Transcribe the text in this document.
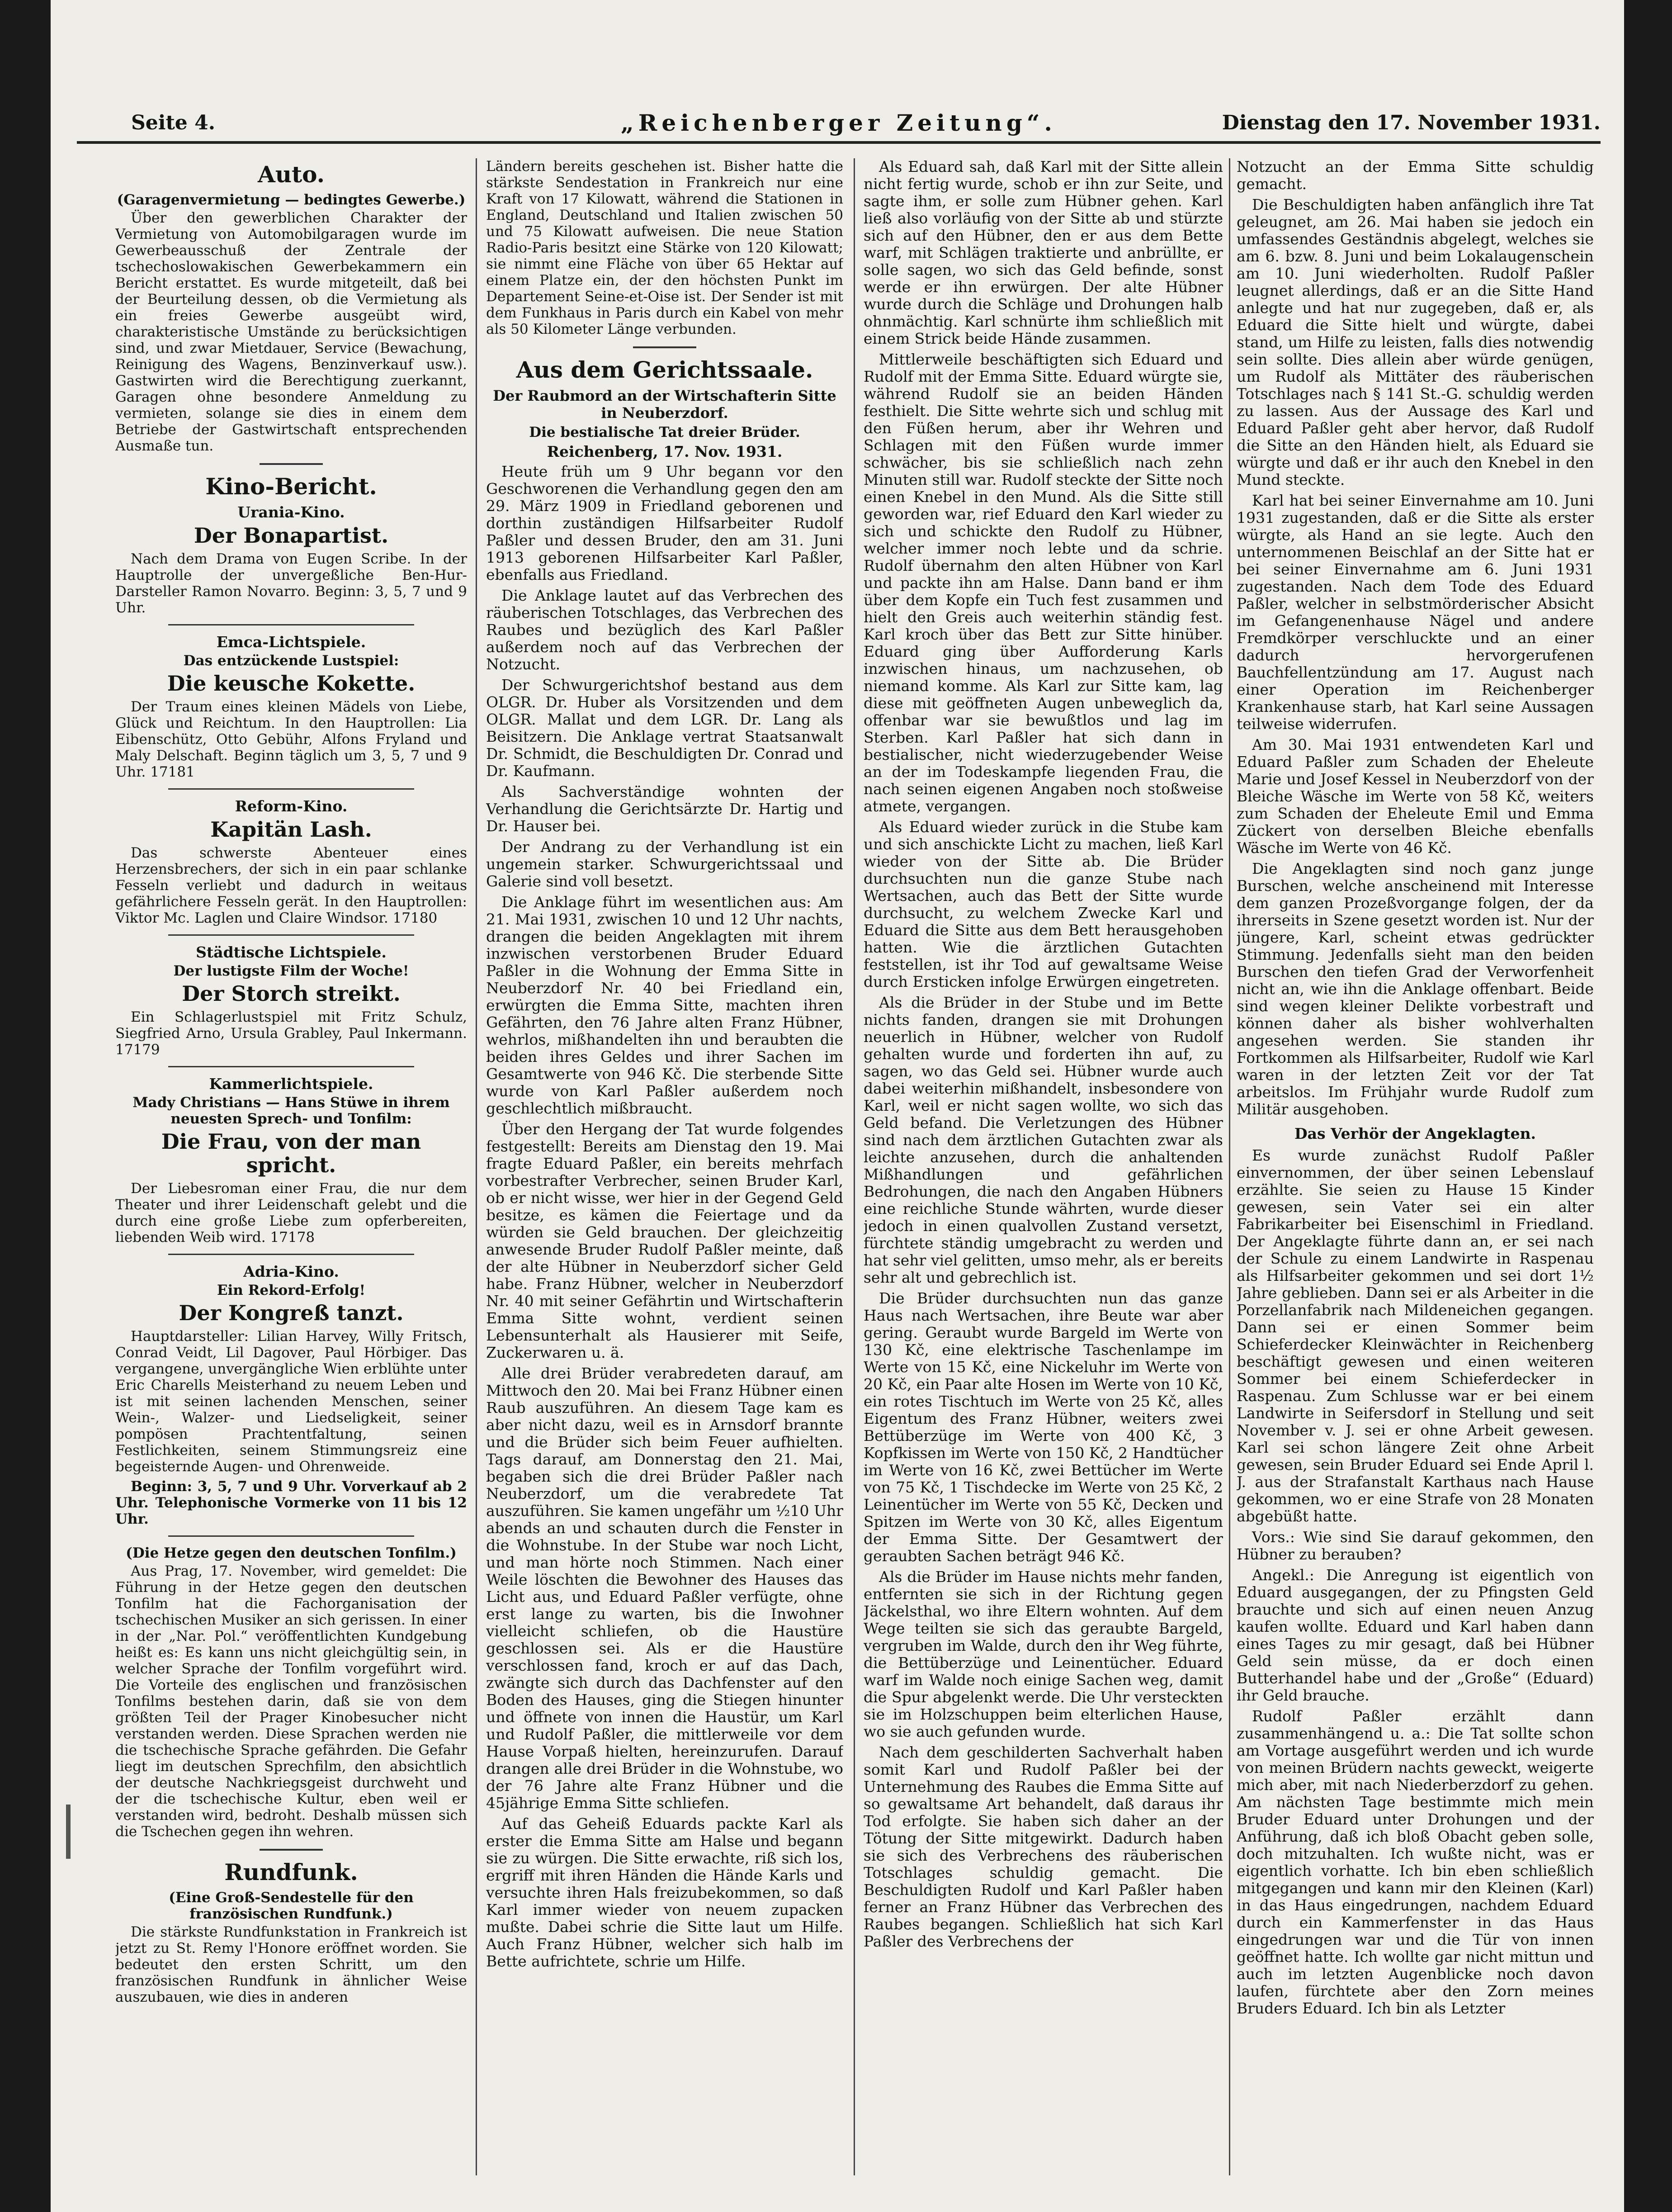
Seite 4.	„Reichenberger Zeitung“.	Dienstag den 17. November 1931.
Auto.
(Garagenvermietung — bedingtes Gewerbe.)

Über den gewerblichen Charakter der Vermietung von Automobilgaragen wurde im Gewerbeausschuß der Zentrale der tschechoslowakischen Gewerbekammern ein Bericht erstattet. Es wurde mitgeteilt, daß bei der Beurteilung dessen, ob die Vermietung als ein freies Gewerbe ausgeübt wird, charakteristische Umstände zu berücksichtigen sind, und zwar Mietdauer, Service (Bewachung, Reinigung des Wagens, Benzinverkauf usw.). Gastwirten wird die Berechtigung zuerkannt, Garagen ohne besondere Anmeldung zu vermieten, solange sie dies in einem dem Betriebe der Gastwirtschaft entsprechenden Ausmaße tun.

Kino-Bericht.
Urania-Kino.
Der Bonapartist.

Nach dem Drama von Eugen Scribe. In der Hauptrolle der unvergeßliche Ben-Hur-Darsteller Ramon Novarro. Beginn: 3, 5, 7 und 9 Uhr.

Emca-Lichtspiele.
Das entzückende Lustspiel:
Die keusche Kokette.

Der Traum eines kleinen Mädels von Liebe, Glück und Reichtum. In den Hauptrollen: Lia Eibenschütz, Otto Gebühr, Alfons Fryland und Maly Delschaft. Beginn täglich um 3, 5, 7 und 9 Uhr. 17181

Reform-Kino.
Kapitän Lash.

Das schwerste Abenteuer eines Herzensbrechers, der sich in ein paar schlanke Fesseln verliebt und dadurch in weitaus gefährlichere Fesseln gerät. In den Hauptrollen: Viktor Mc. Laglen und Claire Windsor. 17180

Städtische Lichtspiele.
Der lustigste Film der Woche!
Der Storch streikt.

Ein Schlagerlustspiel mit Fritz Schulz, Siegfried Arno, Ursula Grabley, Paul Inkermann. 17179

Kammerlichtspiele.
Mady Christians — Hans Stüwe in ihrem neuesten Sprech- und Tonfilm:
Die Frau, von der man spricht.

Der Liebesroman einer Frau, die nur dem Theater und ihrer Leidenschaft gelebt und die durch eine große Liebe zum opferbereiten, liebenden Weib wird. 17178

Adria-Kino.
Ein Rekord-Erfolg!
Der Kongreß tanzt.

Hauptdarsteller: Lilian Harvey, Willy Fritsch, Conrad Veidt, Lil Dagover, Paul Hörbiger. Das vergangene, unvergängliche Wien erblühte unter Eric Charells Meisterhand zu neuem Leben und ist mit seinen lachenden Menschen, seiner Wein-, Walzer- und Liedseligkeit, seiner pompösen Prachtentfaltung, seinen Festlichkeiten, seinem Stimmungsreiz eine begeisternde Augen- und Ohrenweide.

Beginn: 3, 5, 7 und 9 Uhr. Vorverkauf ab 2 Uhr. Telephonische Vormerke von 11 bis 12 Uhr.

(Die Hetze gegen den deutschen Tonfilm.)

Aus Prag, 17. November, wird gemeldet: Die Führung in der Hetze gegen den deutschen Tonfilm hat die Fachorganisation der tschechischen Musiker an sich gerissen. In einer in der „Nar. Pol.“ veröffentlichten Kundgebung heißt es: Es kann uns nicht gleichgültig sein, in welcher Sprache der Tonfilm vorgeführt wird. Die Vorteile des englischen und französischen Tonfilms bestehen darin, daß sie von dem größten Teil der Prager Kinobesucher nicht verstanden werden. Diese Sprachen werden nie die tschechische Sprache gefährden. Die Gefahr liegt im deutschen Sprechfilm, den absichtlich der deutsche Nachkriegsgeist durchweht und der die tschechische Kultur, eben weil er verstanden wird, bedroht. Deshalb müssen sich die Tschechen gegen ihn wehren.

Rundfunk.
(Eine Groß-Sendestelle für den französischen Rundfunk.)

Die stärkste Rundfunkstation in Frankreich ist jetzt zu St. Remy l'Honore eröffnet worden. Sie bedeutet den ersten Schritt, um den französischen Rundfunk in ähnlicher Weise auszubauen, wie dies in anderen

Ländern bereits geschehen ist. Bisher hatte die stärkste Sendestation in Frankreich nur eine Kraft von 17 Kilowatt, während die Stationen in England, Deutschland und Italien zwischen 50 und 75 Kilowatt aufweisen. Die neue Station Radio-Paris besitzt eine Stärke von 120 Kilowatt; sie nimmt eine Fläche von über 65 Hektar auf einem Platze ein, der den höchsten Punkt im Departement Seine-et-Oise ist. Der Sender ist mit dem Funkhaus in Paris durch ein Kabel von mehr als 50 Kilometer Länge verbunden.

Aus dem Gerichtssaale.
Der Raubmord an der Wirtschafterin Sitte in Neuberzdorf.
Die bestialische Tat dreier Brüder.
Reichenberg, 17. Nov. 1931.

Heute früh um 9 Uhr begann vor den Geschworenen die Verhandlung gegen den am 29. März 1909 in Friedland geborenen und dorthin zuständigen Hilfsarbeiter Rudolf Paßler und dessen Bruder, den am 31. Juni 1913 geborenen Hilfsarbeiter Karl Paßler, ebenfalls aus Friedland.

Die Anklage lautet auf das Verbrechen des räuberischen Totschlages, das Verbrechen des Raubes und bezüglich des Karl Paßler außerdem noch auf das Verbrechen der Notzucht.

Der Schwurgerichtshof bestand aus dem OLGR. Dr. Huber als Vorsitzenden und dem OLGR. Mallat und dem LGR. Dr. Lang als Beisitzern. Die Anklage vertrat Staatsanwalt Dr. Schmidt, die Beschuldigten Dr. Conrad und Dr. Kaufmann.

Als Sachverständige wohnten der Verhandlung die Gerichtsärzte Dr. Hartig und Dr. Hauser bei.

Der Andrang zu der Verhandlung ist ein ungemein starker. Schwurgerichtssaal und Galerie sind voll besetzt.

Die Anklage führt im wesentlichen aus: Am 21. Mai 1931, zwischen 10 und 12 Uhr nachts, drangen die beiden Angeklagten mit ihrem inzwischen verstorbenen Bruder Eduard Paßler in die Wohnung der Emma Sitte in Neuberzdorf Nr. 40 bei Friedland ein, erwürgten die Emma Sitte, machten ihren Gefährten, den 76 Jahre alten Franz Hübner, wehrlos, mißhandelten ihn und beraubten die beiden ihres Geldes und ihrer Sachen im Gesamtwerte von 946 Kč. Die sterbende Sitte wurde von Karl Paßler außerdem noch geschlechtlich mißbraucht.

Über den Hergang der Tat wurde folgendes festgestellt: Bereits am Dienstag den 19. Mai fragte Eduard Paßler, ein bereits mehrfach vorbestrafter Verbrecher, seinen Bruder Karl, ob er nicht wisse, wer hier in der Gegend Geld besitze, es kämen die Feiertage und da würden sie Geld brauchen. Der gleichzeitig anwesende Bruder Rudolf Paßler meinte, daß der alte Hübner in Neuberzdorf sicher Geld habe. Franz Hübner, welcher in Neuberzdorf Nr. 40 mit seiner Gefährtin und Wirtschafterin Emma Sitte wohnt, verdient seinen Lebensunterhalt als Hausierer mit Seife, Zuckerwaren u. ä.

Alle drei Brüder verabredeten darauf, am Mittwoch den 20. Mai bei Franz Hübner einen Raub auszuführen. An diesem Tage kam es aber nicht dazu, weil es in Arnsdorf brannte und die Brüder sich beim Feuer aufhielten. Tags darauf, am Donnerstag den 21. Mai, begaben sich die drei Brüder Paßler nach Neuberzdorf, um die verabredete Tat auszuführen. Sie kamen ungefähr um ½10 Uhr abends an und schauten durch die Fenster in die Wohnstube. In der Stube war noch Licht, und man hörte noch Stimmen. Nach einer Weile löschten die Bewohner des Hauses das Licht aus, und Eduard Paßler verfügte, ohne erst lange zu warten, bis die Inwohner vielleicht schliefen, ob die Haustüre geschlossen sei. Als er die Haustüre verschlossen fand, kroch er auf das Dach, zwängte sich durch das Dachfenster auf den Boden des Hauses, ging die Stiegen hinunter und öffnete von innen die Haustür, um Karl und Rudolf Paßler, die mittlerweile vor dem Hause Vorpaß hielten, hereinzurufen. Darauf drangen alle drei Brüder in die Wohnstube, wo der 76 Jahre alte Franz Hübner und die 45jährige Emma Sitte schliefen.

Auf das Geheiß Eduards packte Karl als erster die Emma Sitte am Halse und begann sie zu würgen. Die Sitte erwachte, riß sich los, ergriff mit ihren Händen die Hände Karls und versuchte ihren Hals freizubekommen, so daß Karl immer wieder von neuem zupacken mußte. Dabei schrie die Sitte laut um Hilfe. Auch Franz Hübner, welcher sich halb im Bette aufrichtete, schrie um Hilfe.

Als Eduard sah, daß Karl mit der Sitte allein nicht fertig wurde, schob er ihn zur Seite, und sagte ihm, er solle zum Hübner gehen. Karl ließ also vorläufig von der Sitte ab und stürzte sich auf den Hübner, den er aus dem Bette warf, mit Schlägen traktierte und anbrüllte, er solle sagen, wo sich das Geld befinde, sonst werde er ihn erwürgen. Der alte Hübner wurde durch die Schläge und Drohungen halb ohnmächtig. Karl schnürte ihm schließlich mit einem Strick beide Hände zusammen.

Mittlerweile beschäftigten sich Eduard und Rudolf mit der Emma Sitte. Eduard würgte sie, während Rudolf sie an beiden Händen festhielt. Die Sitte wehrte sich und schlug mit den Füßen herum, aber ihr Wehren und Schlagen mit den Füßen wurde immer schwächer, bis sie schließlich nach zehn Minuten still war. Rudolf steckte der Sitte noch einen Knebel in den Mund. Als die Sitte still geworden war, rief Eduard den Karl wieder zu sich und schickte den Rudolf zu Hübner, welcher immer noch lebte und da schrie. Rudolf übernahm den alten Hübner von Karl und packte ihn am Halse. Dann band er ihm über dem Kopfe ein Tuch fest zusammen und hielt den Greis auch weiterhin ständig fest. Karl kroch über das Bett zur Sitte hinüber. Eduard ging über Aufforderung Karls inzwischen hinaus, um nachzusehen, ob niemand komme. Als Karl zur Sitte kam, lag diese mit geöffneten Augen unbeweglich da, offenbar war sie bewußtlos und lag im Sterben. Karl Paßler hat sich dann in bestialischer, nicht wiederzugebender Weise an der im Todeskampfe liegenden Frau, die nach seinen eigenen Angaben noch stoßweise atmete, vergangen.

Als Eduard wieder zurück in die Stube kam und sich anschickte Licht zu machen, ließ Karl wieder von der Sitte ab. Die Brüder durchsuchten nun die ganze Stube nach Wertsachen, auch das Bett der Sitte wurde durchsucht, zu welchem Zwecke Karl und Eduard die Sitte aus dem Bett herausgehoben hatten. Wie die ärztlichen Gutachten feststellen, ist ihr Tod auf gewaltsame Weise durch Ersticken infolge Erwürgen eingetreten.

Als die Brüder in der Stube und im Bette nichts fanden, drangen sie mit Drohungen neuerlich in Hübner, welcher von Rudolf gehalten wurde und forderten ihn auf, zu sagen, wo das Geld sei. Hübner wurde auch dabei weiterhin mißhandelt, insbesondere von Karl, weil er nicht sagen wollte, wo sich das Geld befand. Die Verletzungen des Hübner sind nach dem ärztlichen Gutachten zwar als leichte anzusehen, durch die anhaltenden Mißhandlungen und gefährlichen Bedrohungen, die nach den Angaben Hübners eine reichliche Stunde währten, wurde dieser jedoch in einen qualvollen Zustand versetzt, fürchtete ständig umgebracht zu werden und hat sehr viel gelitten, umso mehr, als er bereits sehr alt und gebrechlich ist.

Die Brüder durchsuchten nun das ganze Haus nach Wertsachen, ihre Beute war aber gering. Geraubt wurde Bargeld im Werte von 130 Kč, eine elektrische Taschenlampe im Werte von 15 Kč, eine Nickeluhr im Werte von 20 Kč, ein Paar alte Hosen im Werte von 10 Kč, ein rotes Tischtuch im Werte von 25 Kč, alles Eigentum des Franz Hübner, weiters zwei Bettüberzüge im Werte von 400 Kč, 3 Kopfkissen im Werte von 150 Kč, 2 Handtücher im Werte von 16 Kč, zwei Bettücher im Werte von 75 Kč, 1 Tischdecke im Werte von 25 Kč, 2 Leinentücher im Werte von 55 Kč, Decken und Spitzen im Werte von 30 Kč, alles Eigentum der Emma Sitte. Der Gesamtwert der geraubten Sachen beträgt 946 Kč.

Als die Brüder im Hause nichts mehr fanden, entfernten sie sich in der Richtung gegen Jäckelsthal, wo ihre Eltern wohnten. Auf dem Wege teilten sie sich das geraubte Bargeld, vergruben im Walde, durch den ihr Weg führte, die Bettüberzüge und Leinentücher. Eduard warf im Walde noch einige Sachen weg, damit die Spur abgelenkt werde. Die Uhr versteckten sie im Holzschuppen beim elterlichen Hause, wo sie auch gefunden wurde.

Nach dem geschilderten Sachverhalt haben somit Karl und Rudolf Paßler bei der Unternehmung des Raubes die Emma Sitte auf so gewaltsame Art behandelt, daß daraus ihr Tod erfolgte. Sie haben sich daher an der Tötung der Sitte mitgewirkt. Dadurch haben sie sich des Verbrechens des räuberischen Totschlages schuldig gemacht. Die Beschuldigten Rudolf und Karl Paßler haben ferner an Franz Hübner das Verbrechen des Raubes begangen. Schließlich hat sich Karl Paßler des Verbrechens der

Notzucht an der Emma Sitte schuldig gemacht.

Die Beschuldigten haben anfänglich ihre Tat geleugnet, am 26. Mai haben sie jedoch ein umfassendes Geständnis abgelegt, welches sie am 6. bzw. 8. Juni und beim Lokalaugenschein am 10. Juni wiederholten. Rudolf Paßler leugnet allerdings, daß er an die Sitte Hand anlegte und hat nur zugegeben, daß er, als Eduard die Sitte hielt und würgte, dabei stand, um Hilfe zu leisten, falls dies notwendig sein sollte. Dies allein aber würde genügen, um Rudolf als Mittäter des räuberischen Totschlages nach § 141 St.-G. schuldig werden zu lassen. Aus der Aussage des Karl und Eduard Paßler geht aber hervor, daß Rudolf die Sitte an den Händen hielt, als Eduard sie würgte und daß er ihr auch den Knebel in den Mund steckte.

Karl hat bei seiner Einvernahme am 10. Juni 1931 zugestanden, daß er die Sitte als erster würgte, als Hand an sie legte. Auch den unternommenen Beischlaf an der Sitte hat er bei seiner Einvernahme am 6. Juni 1931 zugestanden. Nach dem Tode des Eduard Paßler, welcher in selbstmörderischer Absicht im Gefangenenhause Nägel und andere Fremdkörper verschluckte und an einer dadurch hervorgerufenen Bauchfellentzündung am 17. August nach einer Operation im Reichenberger Krankenhause starb, hat Karl seine Aussagen teilweise widerrufen.

Am 30. Mai 1931 entwendeten Karl und Eduard Paßler zum Schaden der Eheleute Marie und Josef Kessel in Neuberzdorf von der Bleiche Wäsche im Werte von 58 Kč, weiters zum Schaden der Eheleute Emil und Emma Zückert von derselben Bleiche ebenfalls Wäsche im Werte von 46 Kč.

Die Angeklagten sind noch ganz junge Burschen, welche anscheinend mit Interesse dem ganzen Prozeßvorgange folgen, der da ihrerseits in Szene gesetzt worden ist. Nur der jüngere, Karl, scheint etwas gedrückter Stimmung. Jedenfalls sieht man den beiden Burschen den tiefen Grad der Verworfenheit nicht an, wie ihn die Anklage offenbart. Beide sind wegen kleiner Delikte vorbestraft und können daher als bisher wohlverhalten angesehen werden. Sie standen ihr Fortkommen als Hilfsarbeiter, Rudolf wie Karl waren in der letzten Zeit vor der Tat arbeitslos. Im Frühjahr wurde Rudolf zum Militär ausgehoben.

Das Verhör der Angeklagten.

Es wurde zunächst Rudolf Paßler einvernommen, der über seinen Lebenslauf erzählte. Sie seien zu Hause 15 Kinder gewesen, sein Vater sei ein alter Fabrikarbeiter bei Eisenschiml in Friedland. Der Angeklagte führte dann an, er sei nach der Schule zu einem Landwirte in Raspenau als Hilfsarbeiter gekommen und sei dort 1½ Jahre geblieben. Dann sei er als Arbeiter in die Porzellanfabrik nach Mildeneichen gegangen. Dann sei er einen Sommer beim Schieferdecker Kleinwächter in Reichenberg beschäftigt gewesen und einen weiteren Sommer bei einem Schieferdecker in Raspenau. Zum Schlusse war er bei einem Landwirte in Seifersdorf in Stellung und seit November v. J. sei er ohne Arbeit gewesen. Karl sei schon längere Zeit ohne Arbeit gewesen, sein Bruder Eduard sei Ende April l. J. aus der Strafanstalt Karthaus nach Hause gekommen, wo er eine Strafe von 28 Monaten abgebüßt hatte.

Vors.: Wie sind Sie darauf gekommen, den Hübner zu berauben?

Angekl.: Die Anregung ist eigentlich von Eduard ausgegangen, der zu Pfingsten Geld brauchte und sich auf einen neuen Anzug kaufen wollte. Eduard und Karl haben dann eines Tages zu mir gesagt, daß bei Hübner Geld sein müsse, da er doch einen Butterhandel habe und der „Große“ (Eduard) ihr Geld brauche.

Rudolf Paßler erzählt dann zusammenhängend u. a.: Die Tat sollte schon am Vortage ausgeführt werden und ich wurde von meinen Brüdern nachts geweckt, weigerte mich aber, mit nach Niederberzdorf zu gehen. Am nächsten Tage bestimmte mich mein Bruder Eduard unter Drohungen und der Anführung, daß ich bloß Obacht geben solle, doch mitzuhalten. Ich wußte nicht, was er eigentlich vorhatte. Ich bin eben schließlich mitgegangen und kann mir den Kleinen (Karl) in das Haus eingedrungen, nachdem Eduard durch ein Kammerfenster in das Haus eingedrungen war und die Tür von innen geöffnet hatte. Ich wollte gar nicht mittun und auch im letzten Augenblicke noch davon laufen, fürchtete aber den Zorn meines Bruders Eduard. Ich bin als Letzter
